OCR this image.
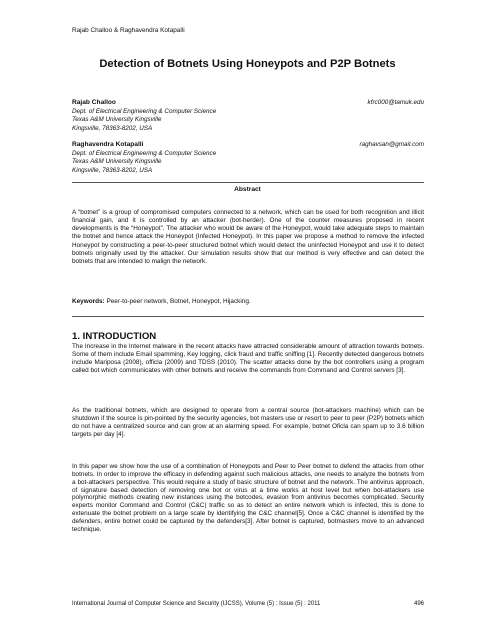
Rajab Challoo & Raghavendra Kotapalli
Detection of Botnets Using Honeypots and P2P Botnets
Rajab Challoo	kfrc000@tamuk.edu
Dept. of Electrical Engineering & Computer Science
Texas A&M University Kingsville
Kingsville, 78363-8202, USA
Raghavendra Kotapalli	raghavsan@gmail.com
Dept. of Electrical Engineering & Computer Science
Texas A&M University Kingsville
Kingsville, 78363-8202, USA
Abstract
A “botnet” is a group of compromised computers connected to a network, which can be used for both recognition and illicit financial gain, and it is controlled by an attacker (bot-herder). One of the counter measures proposed in recent developments is the “Honeypot”. The attacker who would be aware of the Honeypot, would take adequate steps to maintain the botnet and hence attack the Honeypot (Infected Honeypot). In this paper we propose a method to remove the infected Honeypot by constructing a peer-to-peer structured botnet which would detect the uninfected Honeypot and use it to detect botnets originally used by the attacker. Our simulation results show that our method is very effective and can detect the botnets that are intended to malign the network.
Keywords: Peer-to-peer network, Botnet, Honeypot, Hijacking.
1. INTRODUCTION
The Increase in the Internet malware in the recent attacks have attracted considerable amount of attraction towards botnets. Some of them include Email spamming, Key logging, click fraud and traffic sniffing [1]. Recently detected dangerous botnets include Mariposa (2008), officla (2009) and TDSS (2010). The scatter attacks done by the bot controllers using a program called bot which communicates with other botnets and receive the commands from Command and Control servers [3].
As the traditional botnets, which are designed to operate from a central source (bot-attackers machine) which can be shutdown if the source is pin-pointed by the security agencies, bot masters use or resort to peer to peer (P2P) botnets which do not have a centralized source and can grow at an alarming speed. For example, botnet Oficla can spam up to 3.6 billion targets per day [4].
In this paper we show how the use of a combination of Honeypots and Peer to Peer botnet to defend the attacks from other botnets. In order to improve the efficacy in defending against such malicious attacks, one needs to analyze the botnets from a bot-attackers perspective. This would require a study of basic structure of botnet and the network. The antivirus approach, of signature based detection of removing one bot or virus at a time works at host level but when bot-attackers use polymorphic methods creating new instances using the botcodes, evasion from antivirus becomes complicated. Security experts monitor Command and Control (C&C) traffic so as to detect an entire network which is infected, this is done to extenuate the botnet problem on a large scale by identifying the C&C channel[5]. Once a C&C channel is identified by the defenders, entire botnet could be captured by the defenders[3]. After botnet is captured, botmasters move to an advanced technique.
International Journal of Computer Science and Security (IJCSS), Volume (5) : Issue (5) : 2011	496
